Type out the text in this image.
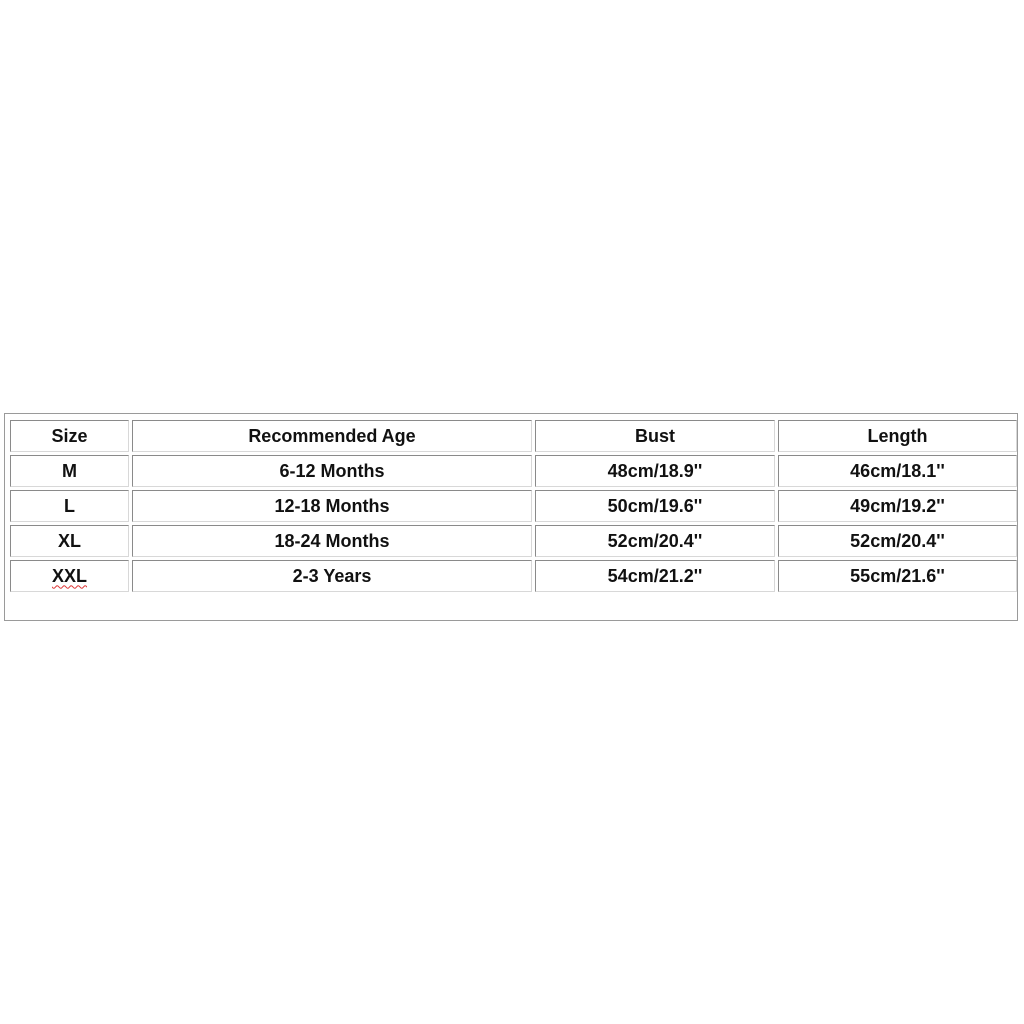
Size	Recommended Age	Bust	Length
M	6-12 Months	48cm/18.9''	46cm/18.1''
L	12-18 Months	50cm/19.6''	49cm/19.2''
XL	18-24 Months	52cm/20.4''	52cm/20.4''
XXL	2-3 Years	54cm/21.2''	55cm/21.6''
